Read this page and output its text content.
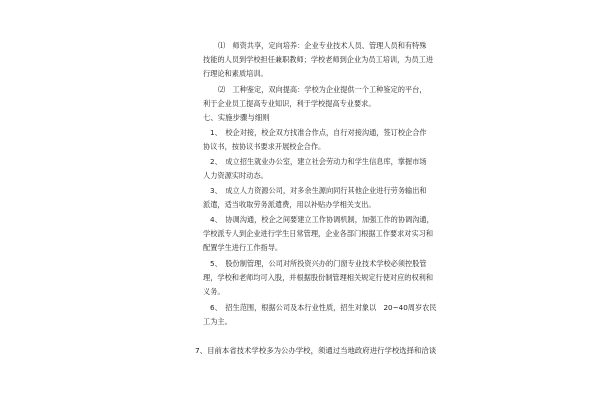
⑴　师资共享，定向培养：企业专业技术人员、管理人员和有特殊
技能的人员到学校担任兼职教师；学校老师到企业为员工培训，为员工进
行理论和素质培训。
⑵　工种鉴定，双向提高：学校为企业提供一个工种鉴定的平台，
利于企业员工提高专业知识，利于学校提高专业要求。
七、实施步骤与细则
1、　校企对接，校企双方找准合作点，自行对接沟通，签订校企合作
协议书，按协议书要求开展校企合作。
2、　成立招生就业办公室，建立社会劳动力和学生信息库，掌握市场
人力资源实时动态。
3、　成立人力资源公司，对多余生源向同行其他企业进行劳务输出和
派遣，适当收取劳务派遣费，用以补贴办学相关支出。
4、　协调沟通，校企之间要建立工作协调机制，加强工作的协调沟通，
学校派专人到企业进行学生日常管理，企业各部门根据工作要求对实习和
配置学生进行工作指导。
5、　股份制管理，公司对所投资兴办的门窗专业技术学校必须控股管
理，学校和老师均可入股，并根据股份制管理相关规定行使对应的权利和
义务。
6、　招生范围，根据公司及本行业性质，招生对象以　20~40周岁农民
工为主。
7、目前本省技术学校多为公办学校，须通过当地政府进行学校选择和洽谈
